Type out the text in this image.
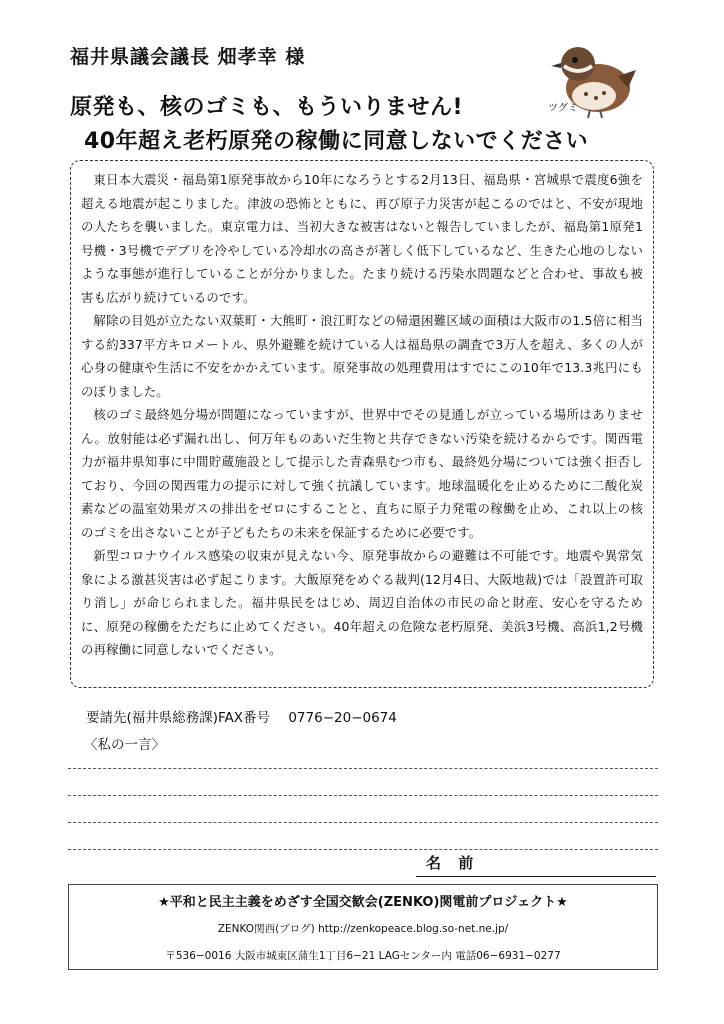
福井県議会議長 畑孝幸 様
原発も、核のゴミも、もういりません!
40年超え老朽原発の稼働に同意しないでください
ツグミ

東日本大震災・福島第1原発事故から10年になろうとする2月13日、福島県・宮城県で震度6強を超える地震が起こりました。津波の恐怖とともに、再び原子力災害が起こるのではと、不安が現地の人たちを襲いました。東京電力は、当初大きな被害はないと報告していましたが、福島第1原発1号機・3号機でデブリを冷やしている冷却水の高さが著しく低下しているなど、生きた心地のしないような事態が進行していることが分かりました。たまり続ける汚染水問題などと合わせ、事故も被害も広がり続けているのです。

解除の目処が立たない双葉町・大熊町・浪江町などの帰還困難区域の面積は大阪市の1.5倍に相当する約337平方キロメートル、県外避難を続けている人は福島県の調査で3万人を超え、多くの人が心身の健康や生活に不安をかかえています。原発事故の処理費用はすでにこの10年で13.3兆円にものぼりました。

核のゴミ最終処分場が問題になっていますが、世界中でその見通しが立っている場所はありません。放射能は必ず漏れ出し、何万年ものあいだ生物と共存できない汚染を続けるからです。関西電力が福井県知事に中間貯蔵施設として提示した青森県むつ市も、最終処分場については強く拒否しており、今回の関西電力の提示に対して強く抗議しています。地球温暖化を止めるために二酸化炭素などの温室効果ガスの排出をゼロにすることと、直ちに原子力発電の稼働を止め、これ以上の核のゴミを出さないことが子どもたちの未来を保証するために必要です。

新型コロナウイルス感染の収束が見えない今、原発事故からの避難は不可能です。地震や異常気象による激甚災害は必ず起こります。大飯原発をめぐる裁判(12月4日、大阪地裁)では「設置許可取り消し」が命じられました。福井県民をはじめ、周辺自治体の市民の命と財産、安心を守るために、原発の稼働をただちに止めてください。40年超えの危険な老朽原発、美浜3号機、高浜1,2号機の再稼働に同意しないでください。

要請先(福井県総務課)FAX番号 0776−20−0674
〈私の一言〉
名 前
★平和と民主主義をめざす全国交歓会(ZENKO)関電前プロジェクト★
ZENKO関西(ブログ) http://zenkopeace.blog.so-net.ne.jp/
〒536−0016 大阪市城東区蒲生1丁目6−21 LAGセンター内 電話06−6931−0277
